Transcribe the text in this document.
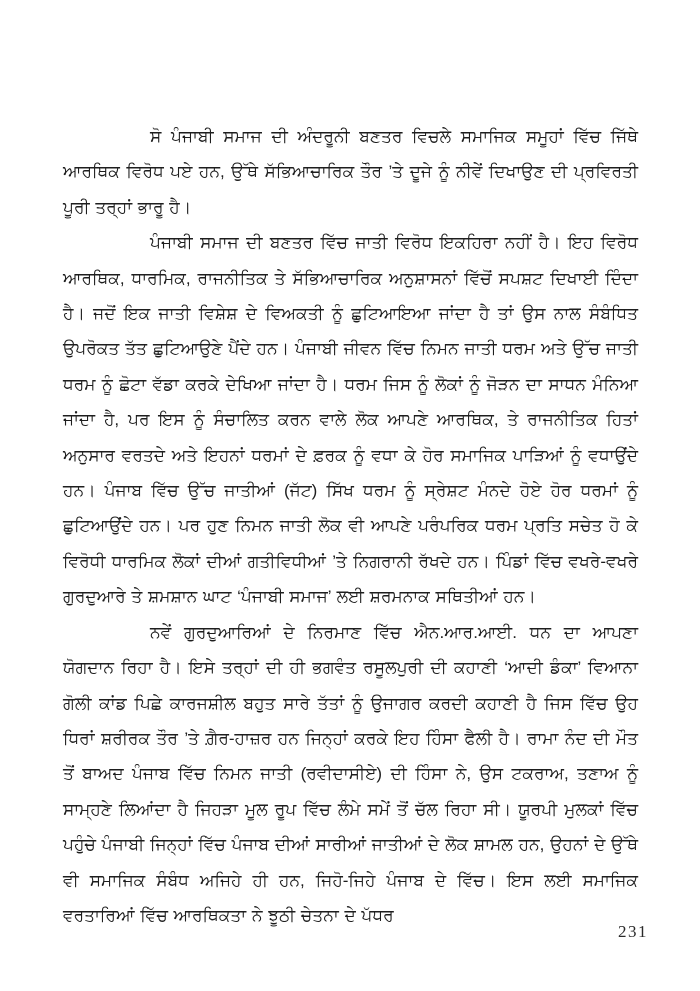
ਸੋ ਪੰਜਾਬੀ ਸਮਾਜ ਦੀ ਅੰਦਰੂਨੀ ਬਣਤਰ ਵਿਚਲੇ ਸਮਾਜਿਕ ਸਮੂਹਾਂ ਵਿੱਚ ਜਿੱਥੇ ਆਰਥਿਕ ਵਿਰੋਧ ਪਏ ਹਨ, ਉੱਥੇ ਸੱਭਿਆਚਾਰਿਕ ਤੌਰ ’ਤੇ ਦੂਜੇ ਨੂੰ ਨੀਵੇਂ ਦਿਖਾਉਣ ਦੀ ਪ੍ਰਵਿਰਤੀ ਪੂਰੀ ਤਰ੍ਹਾਂ ਭਾਰੂ ਹੈ।

ਪੰਜਾਬੀ ਸਮਾਜ ਦੀ ਬਣਤਰ ਵਿੱਚ ਜਾਤੀ ਵਿਰੋਧ ਇਕਹਿਰਾ ਨਹੀਂ ਹੈ। ਇਹ ਵਿਰੋਧ ਆਰਥਿਕ, ਧਾਰਮਿਕ, ਰਾਜਨੀਤਿਕ ਤੇ ਸੱਭਿਆਚਾਰਿਕ ਅਨੁਸ਼ਾਸਨਾਂ ਵਿੱਚੋਂ ਸਪਸ਼ਟ ਦਿਖਾਈ ਦਿੰਦਾ ਹੈ। ਜਦੋਂ ਇਕ ਜਾਤੀ ਵਿਸ਼ੇਸ਼ ਦੇ ਵਿਅਕਤੀ ਨੂੰ ਛੁਟਿਆਇਆ ਜਾਂਦਾ ਹੈ ਤਾਂ ਉਸ ਨਾਲ ਸੰਬੰਧਿਤ ਉਪਰੋਕਤ ਤੱਤ ਛੁਟਿਆਉਣੇ ਪੈਂਦੇ ਹਨ। ਪੰਜਾਬੀ ਜੀਵਨ ਵਿੱਚ ਨਿਮਨ ਜਾਤੀ ਧਰਮ ਅਤੇ ਉੱਚ ਜਾਤੀ ਧਰਮ ਨੂੰ ਛੋਟਾ ਵੱਡਾ ਕਰਕੇ ਦੇਖਿਆ ਜਾਂਦਾ ਹੈ। ਧਰਮ ਜਿਸ ਨੂੰ ਲੋਕਾਂ ਨੂੰ ਜੋੜਨ ਦਾ ਸਾਧਨ ਮੰਨਿਆ ਜਾਂਦਾ ਹੈ, ਪਰ ਇਸ ਨੂੰ ਸੰਚਾਲਿਤ ਕਰਨ ਵਾਲੇ ਲੋਕ ਆਪਣੇ ਆਰਥਿਕ, ਤੇ ਰਾਜਨੀਤਿਕ ਹਿਤਾਂ ਅਨੁਸਾਰ ਵਰਤਦੇ ਅਤੇ ਇਹਨਾਂ ਧਰਮਾਂ ਦੇ ਫ਼ਰਕ ਨੂੰ ਵਧਾ ਕੇ ਹੋਰ ਸਮਾਜਿਕ ਪਾੜਿਆਂ ਨੂੰ ਵਧਾਉਂਦੇ ਹਨ। ਪੰਜਾਬ ਵਿੱਚ ਉੱਚ ਜਾਤੀਆਂ (ਜੱਟ) ਸਿੱਖ ਧਰਮ ਨੂੰ ਸ੍ਰੇਸ਼ਟ ਮੰਨਦੇ ਹੋਏ ਹੋਰ ਧਰਮਾਂ ਨੂੰ ਛੁਟਿਆਉਂਦੇ ਹਨ। ਪਰ ਹੁਣ ਨਿਮਨ ਜਾਤੀ ਲੋਕ ਵੀ ਆਪਣੇ ਪਰੰਪਰਿਕ ਧਰਮ ਪ੍ਰਤਿ ਸਚੇਤ ਹੋ ਕੇ ਵਿਰੋਧੀ ਧਾਰਮਿਕ ਲੋਕਾਂ ਦੀਆਂ ਗਤੀਵਿਧੀਆਂ ’ਤੇ ਨਿਗਰਾਨੀ ਰੱਖਦੇ ਹਨ। ਪਿੰਡਾਂ ਵਿੱਚ ਵਖਰੇ-ਵਖਰੇ ਗੁਰਦੁਆਰੇ ਤੇ ਸ਼ਮਸ਼ਾਨ ਘਾਟ ‘ਪੰਜਾਬੀ ਸਮਾਜ’ ਲਈ ਸ਼ਰਮਨਾਕ ਸਥਿਤੀਆਂ ਹਨ।

ਨਵੇਂ ਗੁਰਦੁਆਰਿਆਂ ਦੇ ਨਿਰਮਾਣ ਵਿੱਚ ਐਨ.ਆਰ.ਆਈ. ਧਨ ਦਾ ਆਪਣਾ ਯੋਗਦਾਨ ਰਿਹਾ ਹੈ। ਇਸੇ ਤਰ੍ਹਾਂ ਦੀ ਹੀ ਭਗਵੰਤ ਰਸੂਲਪੁਰੀ ਦੀ ਕਹਾਣੀ ‘ਆਦੀ ਡੰਕਾ’ ਵਿਆਨਾ ਗੋਲੀ ਕਾਂਡ ਪਿਛੇ ਕਾਰਜਸ਼ੀਲ ਬਹੁਤ ਸਾਰੇ ਤੱਤਾਂ ਨੂੰ ਉਜਾਗਰ ਕਰਦੀ ਕਹਾਣੀ ਹੈ ਜਿਸ ਵਿੱਚ ਉਹ ਧਿਰਾਂ ਸ਼ਰੀਰਕ ਤੌਰ ’ਤੇ ਗ਼ੈਰ-ਹਾਜ਼ਰ ਹਨ ਜਿਨ੍ਹਾਂ ਕਰਕੇ ਇਹ ਹਿੰਸਾ ਫੈਲੀ ਹੈ। ਰਾਮਾ ਨੰਦ ਦੀ ਮੌਤ ਤੋਂ ਬਾਅਦ ਪੰਜਾਬ ਵਿੱਚ ਨਿਮਨ ਜਾਤੀ (ਰਵੀਦਾਸੀਏ) ਦੀ ਹਿੰਸਾ ਨੇ, ਉਸ ਟਕਰਾਅ, ਤਣਾਅ ਨੂੰ ਸਾਮ੍ਹਣੇ ਲਿਆਂਦਾ ਹੈ ਜਿਹੜਾ ਮੂਲ ਰੂਪ ਵਿੱਚ ਲੰਮੇ ਸਮੇਂ ਤੋਂ ਚੱਲ ਰਿਹਾ ਸੀ। ਯੂਰਪੀ ਮੁਲਕਾਂ ਵਿੱਚ ਪਹੁੰਚੇ ਪੰਜਾਬੀ ਜਿਨ੍ਹਾਂ ਵਿੱਚ ਪੰਜਾਬ ਦੀਆਂ ਸਾਰੀਆਂ ਜਾਤੀਆਂ ਦੇ ਲੋਕ ਸ਼ਾਮਲ ਹਨ, ਉਹਨਾਂ ਦੇ ਉੱਥੇ ਵੀ ਸਮਾਜਿਕ ਸੰਬੰਧ ਅਜਿਹੇ ਹੀ ਹਨ, ਜਿਹੋ-ਜਿਹੇ ਪੰਜਾਬ ਦੇ ਵਿੱਚ। ਇਸ ਲਈ ਸਮਾਜਿਕ ਵਰਤਾਰਿਆਂ ਵਿੱਚ ਆਰਥਿਕਤਾ ਨੇ ਝੂਠੀ ਚੇਤਨਾ ਦੇ ਪੱਧਰ

231
